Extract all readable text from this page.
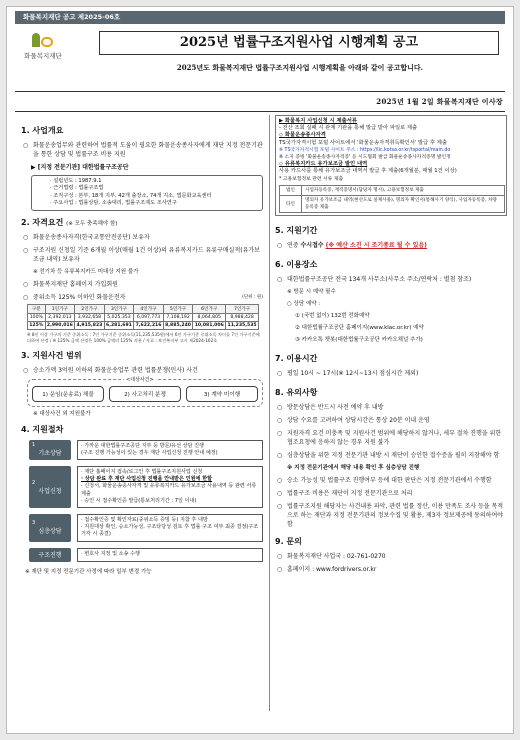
화물복지재단 공고 제2025-06호
화물복지재단
2025년 법률구조지원사업 시행계획 공고
2025년도 화물복지재단 법률구조지원사업 시행계획을 아래와 같이 공고합니다.
2025년 1월 2일 화물복지재단 이사장
1. 사업개요
○ 화물운송업무와 관련하여 법률적 도움이 필요한 화물운송종사자에게 재단 지정 전문기관을 통한 상담 및 법률구조 비용 지원
▶ [지정 전문기관] 대한법률구조공단
· 설립년도 : 1987.9.1
· 근거법령 : 법률구조법
· 조직구성 : 본부, 18개 지부, 42개 출장소, 74개 지소, 법문화교육센터
· 주요사업 : 법률상담, 소송대리, 법률구조제도 조사연구
2. 자격요건 (※ 모두 충족해야 함)
○ 화물운송종사자격(한국교통안전공단) 보유자
○ 구조지원 신청일 기준 6개월 이상(매월 1건 이상)의 유류복지카드 유류구매실적(유가보조금 내역) 보유자
※ 전기차 등 유류복지카드 미대상 지원 불가
○ 화물복지재단 홈페이지 가입회원
○ 중위소득 125% 이하인 화물운전자	(단위 : 원)
구분	1인가구	2인가구	3인가구	4인가구	5인가구	6인가구	7인가구
100%	2,392,013	3,932,658	5,025,353	6,097,773	7,108,192	8,064,805	8,988,428
125%	2,990,016	4,915,823	6,281,691	7,622,216	8,885,240	10,081,006	11,235,535
※ 8인 이상 가구의 기준 중위소득 : 7인 가구기준 중위소득(11,235,535원)에서 6인 가구기준 중위소득 차이를 7인 가구기준에 더하여 산정 / ※ 125% 금액 산정은 100% 금액의 125% 적용 / 자료 : 보건복지부 고시 제2024-162호
3. 지원사건 범위
○ 승소가액 3억원 이하의 화물운송업무 관련 법률분쟁(민사) 사건
<대상사건>
1) 운임(운송료) 체불	2) 사고처리 분쟁	3) 계약 미이행
※ 대상사건 외 지원불가
4. 지원절차
1
기초상담
· 가까운 대한법률구조공단 지부 등 방문/유선 상담 진행
(구조 진행 가능성이 있는 경우 재단 사업신청 진행 안내 예정)
2
사업신청
· 재단 홈페이지 접속/로그인 후 법률구조지원사업 신청
· 상담 완료 후 재단 사업신청 진행을 안내받은 인원에 한함
· 신청서, 화물운송종사자격 및 유류복지카드 유가보조금 사용내역 등 관련 서류 제출
· 승인 시 접수확인증 발급(통보처리기간 : 7일 이내)
3
심층상담
· 접수확인증 및 확인자료(중위소득 증빙 등) 지참 후 내방
· 지원대상 확인, 승소가능성, 구조타당성 검토 후 법률 구조 여부 최종 결정(구조 기각 시 종결)
구조진행	· 변호사 지정 및 소송 수행
※ 재단 및 지정 전문기관 사정에 따라 일부 변경 가능
▶ 화물복지 사업신청 시 제출서류
- 전산 조회 실패 시 관계 기관을 통해 발급 받아 파일로 제출
◇ 화물운송종사자격
TS국가자격시험 포털 사이트에서 '화물운송자격취득확인서' 발급 후 제출
※ TS국가자격시험 포털 사이트 주소 : https://lic.kotsa.or.kr/tsportal/main.do
※ 소지 증빙 '화물운송종사자격증' 등 시도협회 발급 화물운송종사자격증명 발인정
◇ 유류복지카드 유가보조금 발인 내역
사용 카드사를 통해 유가보조금 내역서 발급 후 제출(6개월분, 매월 1건 이상)
* 고용보험정보 관련 서류 제출
법인	사업자등록증, 재직증명서(담당자 명시), 고용보험정보 제출
타인	명의자 유가보조금 내역(현선도로 실제사용), 명의자 확인서(통해사기 양식), 사업자등록증, 차량등록증 제출
5. 지원기간
○ 연중 수시접수 (※ 예산 소진 시 조기종료 될 수 있음)
6. 이용장소
○ 대한법률구조공단 전국 134개 사무소(사무소 주소/연락처 : 별첨 참조)
※ 방문 시 예약 필수
○ 상담 예약 :
① (국번 없이) 132번 전화예약
② 대한법률구조공단 홈페이지(www.klac.or.kr) 예약
③ 카카오톡 챗봇(대한법률구조공단 카카오채널 추가)
7. 이용시간
○ 평일 10시 ~ 17시(※ 12시~13시 점심시간 제외)
8. 유의사항
○ 방문상담은 반드시 사전 예약 후 내방
○ 상담 수요를 고려하여 상담시간은 통상 20분 이내 운영
○ 지원자격 요건 미충족 및 지원사건 범위에 해당하지 않거나, 세부 절차 진행을 위한 협조요청에 응하지 않는 경우 지원 불가
○ 심층상담을 위한 지정 전문기관 내방 시 재단이 승인한 접수증을 필히 지참해야 함
※ 지정 전문기관에서 해당 내용 확인 후 심층상담 진행
○ 승소 가능성 및 법률구조 진행여부 등에 대한 판단은 지정 전문기관에서 수행함
○ 법률구조 비용은 재단이 지정 전문기관으로 처리
○ 법률구조지원 해당자는 사건내용 파악, 관련 법률 정산, 이용 만족도 조사 등을 목적으로 하는 재단과 지정 전문기관의 정보수집 및 활용, 제3자 정보제공에 동의하여야 함
9. 문의
○ 화물복지재단 사업국 : 02-761-0270
○ 홈페이지 : www.fordrivers.or.kr
